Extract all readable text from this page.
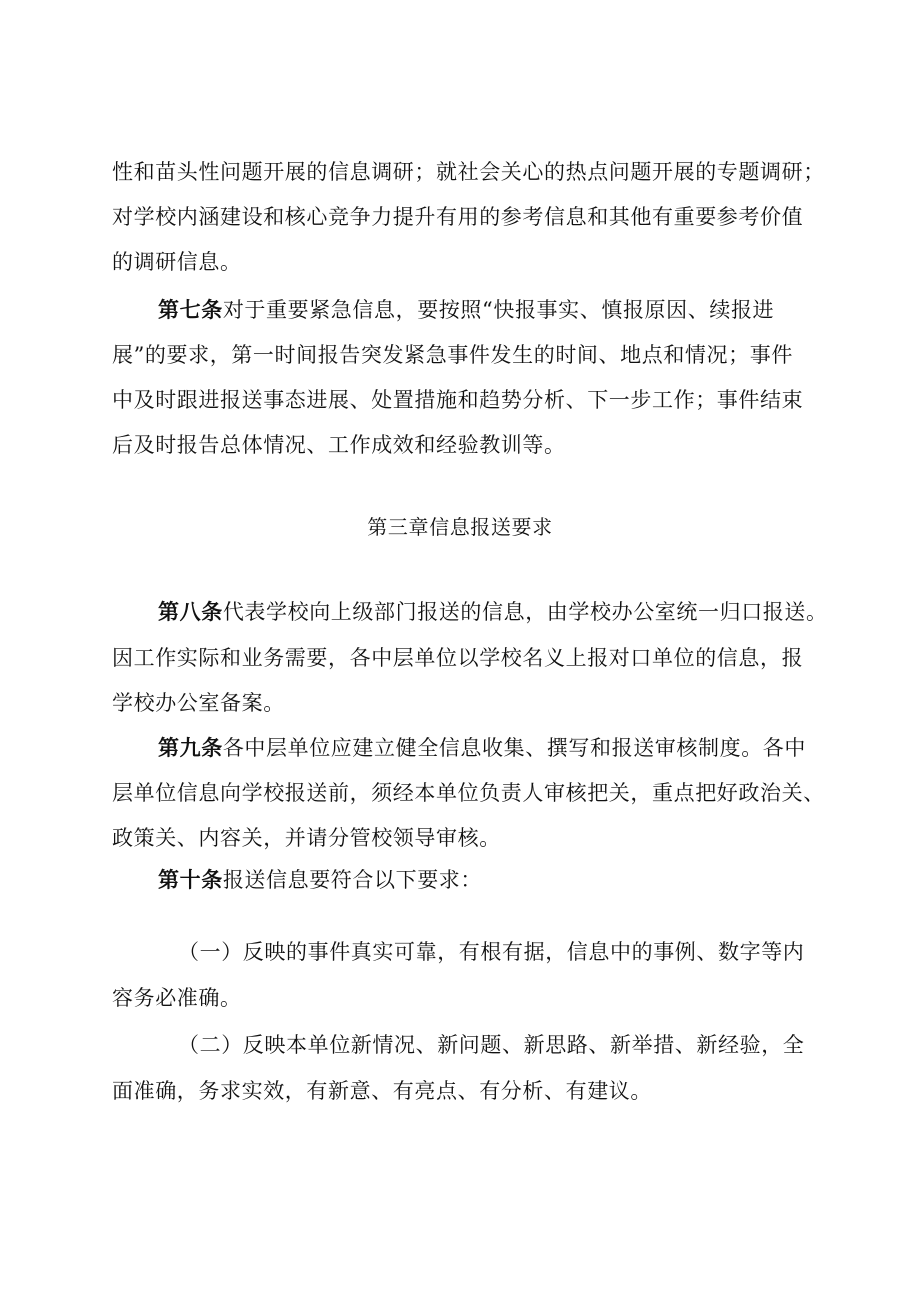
性和苗头性问题开展的信息调研；就社会关心的热点问题开展的专题调研；
对学校内涵建设和核心竞争力提升有用的参考信息和其他有重要参考价值
的调研信息。
第七条对于重要紧急信息，要按照“快报事实、慎报原因、续报进
展”的要求，第一时间报告突发紧急事件发生的时间、地点和情况；事件
中及时跟进报送事态进展、处置措施和趋势分析、下一步工作；事件结束
后及时报告总体情况、工作成效和经验教训等。
第三章信息报送要求
第八条代表学校向上级部门报送的信息，由学校办公室统一归口报送。
因工作实际和业务需要，各中层单位以学校名义上报对口单位的信息，报
学校办公室备案。
第九条各中层单位应建立健全信息收集、撰写和报送审核制度。各中
层单位信息向学校报送前，须经本单位负责人审核把关，重点把好政治关、
政策关、内容关，并请分管校领导审核。
第十条报送信息要符合以下要求：
（一）反映的事件真实可靠，有根有据，信息中的事例、数字等内
容务必准确。
（二）反映本单位新情况、新问题、新思路、新举措、新经验，全
面准确，务求实效，有新意、有亮点、有分析、有建议。
